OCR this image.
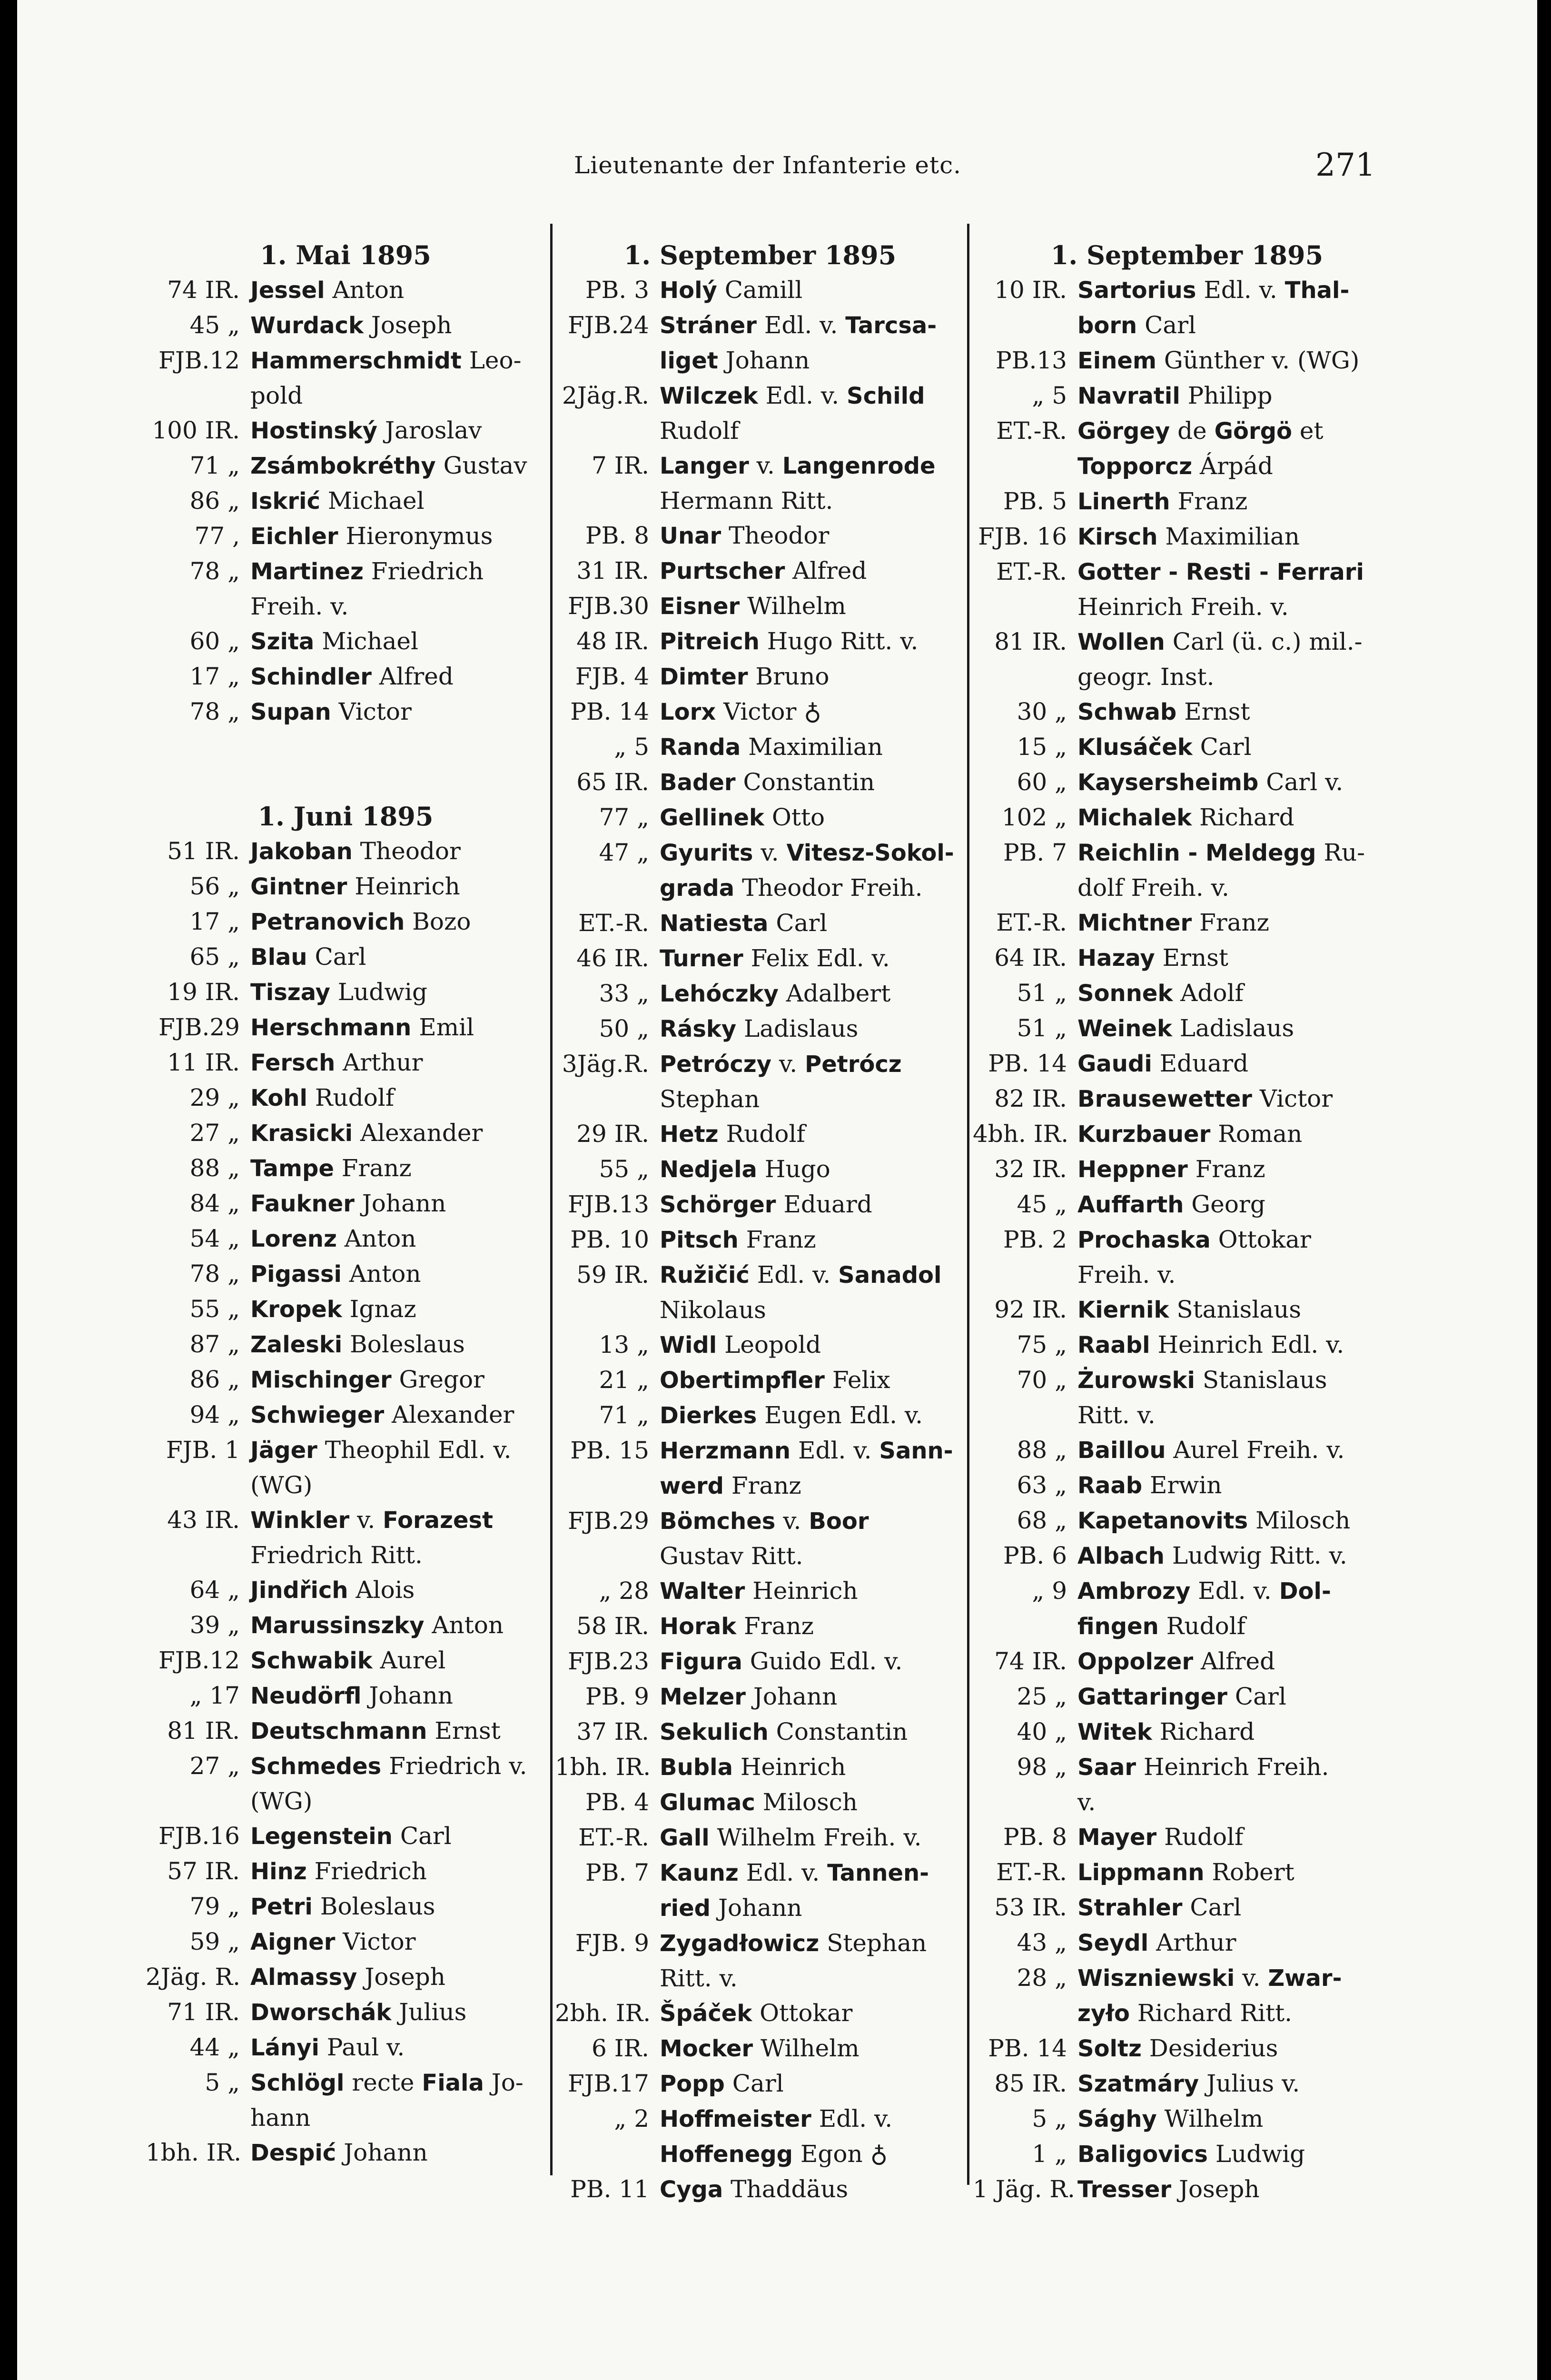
Lieutenante der Infanterie etc.	271
1. Mai 1895
74 IR. Jessel Anton
45 „ Wurdack Joseph
FJB.12 Hammerschmidt Leo-
pold
100 IR. Hostinský Jaroslav
71 „ Zsámbokréthy Gustav
86 „ Iskrić Michael
77 , Eichler Hieronymus
78 „ Martinez Friedrich
Freih. v.
60 „ Szita Michael
17 „ Schindler Alfred
78 „ Supan Victor
1. Juni 1895
51 IR. Jakoban Theodor
56 „ Gintner Heinrich
17 „ Petranovich Bozo
65 „ Blau Carl
19 IR. Tiszay Ludwig
FJB.29 Herschmann Emil
11 IR. Fersch Arthur
29 „ Kohl Rudolf
27 „ Krasicki Alexander
88 „ Tampe Franz
84 „ Faukner Johann
54 „ Lorenz Anton
78 „ Pigassi Anton
55 „ Kropek Ignaz
87 „ Zaleski Boleslaus
86 „ Mischinger Gregor
94 „ Schwieger Alexander
FJB. 1 Jäger Theophil Edl. v.
(WG)
43 IR. Winkler v. Forazest
Friedrich Ritt.
64 „ Jindřich Alois
39 „ Marussinszky Anton
FJB.12 Schwabik Aurel
„ 17 Neudörfl Johann
81 IR. Deutschmann Ernst
27 „ Schmedes Friedrich v.
(WG)
FJB.16 Legenstein Carl
57 IR. Hinz Friedrich
79 „ Petri Boleslaus
59 „ Aigner Victor
2Jäg. R. Almassy Joseph
71 IR. Dworschák Julius
44 „ Lányi Paul v.
5 „ Schlögl recte Fiala Jo-
hann
1bh. IR. Despić Johann
1. September 1895
PB. 3 Holý Camill
FJB.24 Stráner Edl. v. Tarcsa-
liget Johann
2Jäg.R. Wilczek Edl. v. Schild
Rudolf
7 IR. Langer v. Langenrode
Hermann Ritt.
PB. 8 Unar Theodor
31 IR. Purtscher Alfred
FJB.30 Eisner Wilhelm
48 IR. Pitreich Hugo Ritt. v.
FJB. 4 Dimter Bruno
PB. 14 Lorx Victor ♁
„ 5 Randa Maximilian
65 IR. Bader Constantin
77 „ Gellinek Otto
47 „ Gyurits v. Vitesz-Sokol-
grada Theodor Freih.
ET.-R. Natiesta Carl
46 IR. Turner Felix Edl. v.
33 „ Lehóczky Adalbert
50 „ Rásky Ladislaus
3Jäg.R. Petróczy v. Petrócz
Stephan
29 IR. Hetz Rudolf
55 „ Nedjela Hugo
FJB.13 Schörger Eduard
PB. 10 Pitsch Franz
59 IR. Ružičić Edl. v. Sanadol
Nikolaus
13 „ Widl Leopold
21 „ Obertimpfler Felix
71 „ Dierkes Eugen Edl. v.
PB. 15 Herzmann Edl. v. Sann-
werd Franz
FJB.29 Bömches v. Boor
Gustav Ritt.
„ 28 Walter Heinrich
58 IR. Horak Franz
FJB.23 Figura Guido Edl. v.
PB. 9 Melzer Johann
37 IR. Sekulich Constantin
1bh. IR. Bubla Heinrich
PB. 4 Glumac Milosch
ET.-R. Gall Wilhelm Freih. v.
PB. 7 Kaunz Edl. v. Tannen-
ried Johann
FJB. 9 Zygadłowicz Stephan
Ritt. v.
2bh. IR. Špáček Ottokar
6 IR. Mocker Wilhelm
FJB.17 Popp Carl
„ 2 Hoffmeister Edl. v.
Hoffenegg Egon ♁
PB. 11 Cyga Thaddäus
1. September 1895
10 IR. Sartorius Edl. v. Thal-
born Carl
PB.13 Einem Günther v. (WG)
„ 5 Navratil Philipp
ET.-R. Görgey de Görgö et
Topporcz Árpád
PB. 5 Linerth Franz
FJB. 16 Kirsch Maximilian
ET.-R. Gotter - Resti - Ferrari
Heinrich Freih. v.
81 IR. Wollen Carl (ü. c.) mil.-
geogr. Inst.
30 „ Schwab Ernst
15 „ Klusáček Carl
60 „ Kaysersheimb Carl v.
102 „ Michalek Richard
PB. 7 Reichlin - Meldegg Ru-
dolf Freih. v.
ET.-R. Michtner Franz
64 IR. Hazay Ernst
51 „ Sonnek Adolf
51 „ Weinek Ladislaus
PB. 14 Gaudi Eduard
82 IR. Brausewetter Victor
4bh. IR. Kurzbauer Roman
32 IR. Heppner Franz
45 „ Auffarth Georg
PB. 2 Prochaska Ottokar
Freih. v.
92 IR. Kiernik Stanislaus
75 „ Raabl Heinrich Edl. v.
70 „ Żurowski Stanislaus
Ritt. v.
88 „ Baillou Aurel Freih. v.
63 „ Raab Erwin
68 „ Kapetanovits Milosch
PB. 6 Albach Ludwig Ritt. v.
„ 9 Ambrozy Edl. v. Dol-
fingen Rudolf
74 IR. Oppolzer Alfred
25 „ Gattaringer Carl
40 „ Witek Richard
98 „ Saar Heinrich Freih.
v.
PB. 8 Mayer Rudolf
ET.-R. Lippmann Robert
53 IR. Strahler Carl
43 „ Seydl Arthur
28 „ Wiszniewski v. Zwar-
zyło Richard Ritt.
PB. 14 Soltz Desiderius
85 IR. Szatmáry Julius v.
5 „ Sághy Wilhelm
1 „ Baligovics Ludwig
1 Jäg. R. Tresser Joseph
